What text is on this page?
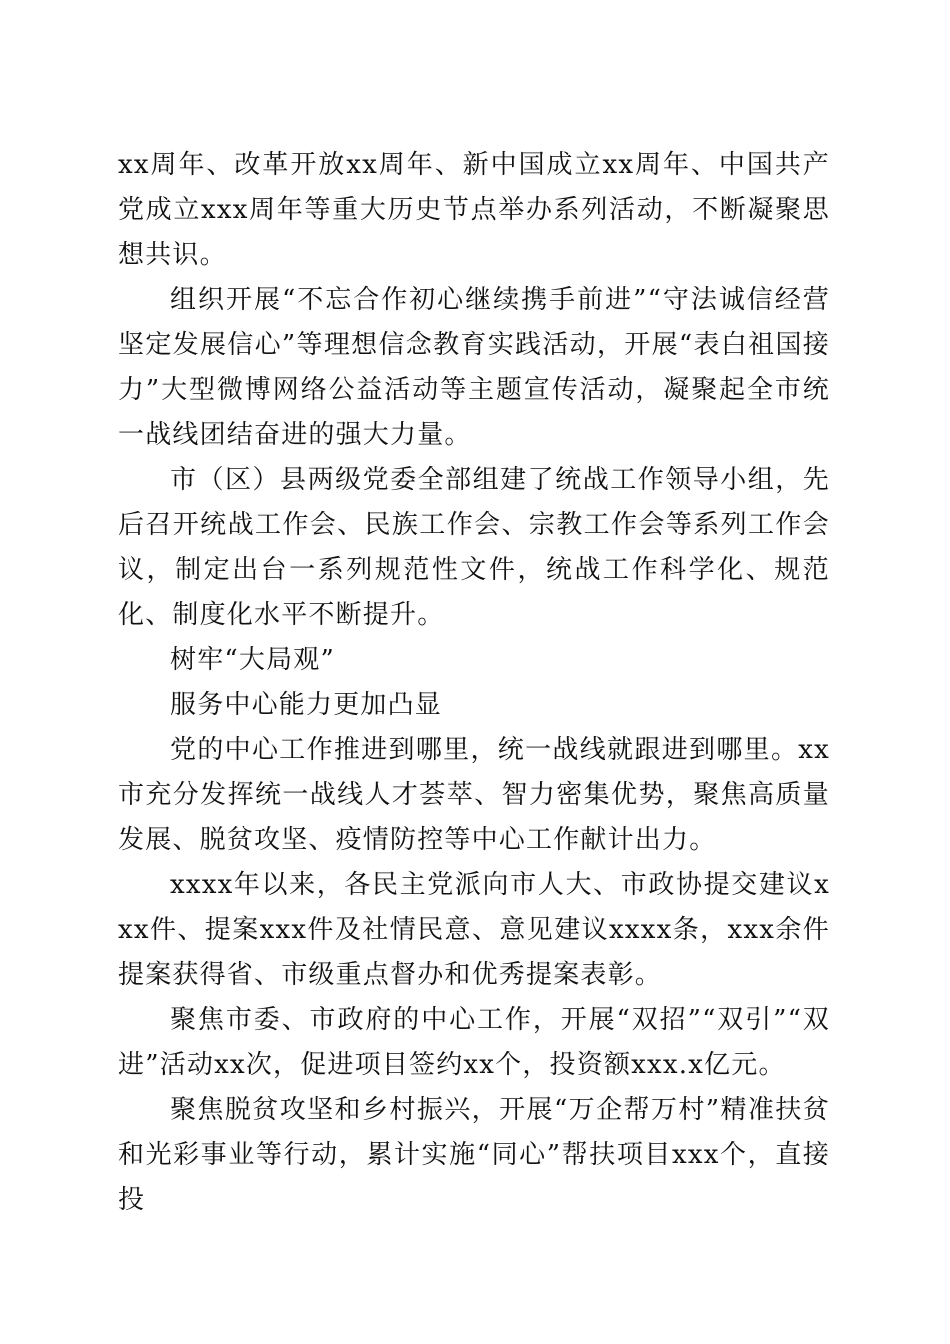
xx周年、改革开放xx周年、新中国成立xx周年、中国共产党成立xxx周年等重大历史节点举办系列活动，不断凝聚思想共识。

组织开展“不忘合作初心继续携手前进”“守法诚信经营坚定发展信心”等理想信念教育实践活动，开展“表白祖国接力”大型微博网络公益活动等主题宣传活动，凝聚起全市统一战线团结奋进的强大力量。

市（区）县两级党委全部组建了统战工作领导小组，先后召开统战工作会、民族工作会、宗教工作会等系列工作会议，制定出台一系列规范性文件，统战工作科学化、规范化、制度化水平不断提升。

树牢“大局观”

服务中心能力更加凸显

党的中心工作推进到哪里，统一战线就跟进到哪里。xx市充分发挥统一战线人才荟萃、智力密集优势，聚焦高质量发展、脱贫攻坚、疫情防控等中心工作献计出力。

xxxx年以来，各民主党派向市人大、市政协提交建议xxx件、提案xxx件及社情民意、意见建议xxxx条，xxx余件提案获得省、市级重点督办和优秀提案表彰。

聚焦市委、市政府的中心工作，开展“双招”“双引”“双进”活动xx次，促进项目签约xx个，投资额xxx.x亿元。

聚焦脱贫攻坚和乡村振兴，开展“万企帮万村”精准扶贫和光彩事业等行动，累计实施“同心”帮扶项目xxx个，直接投
